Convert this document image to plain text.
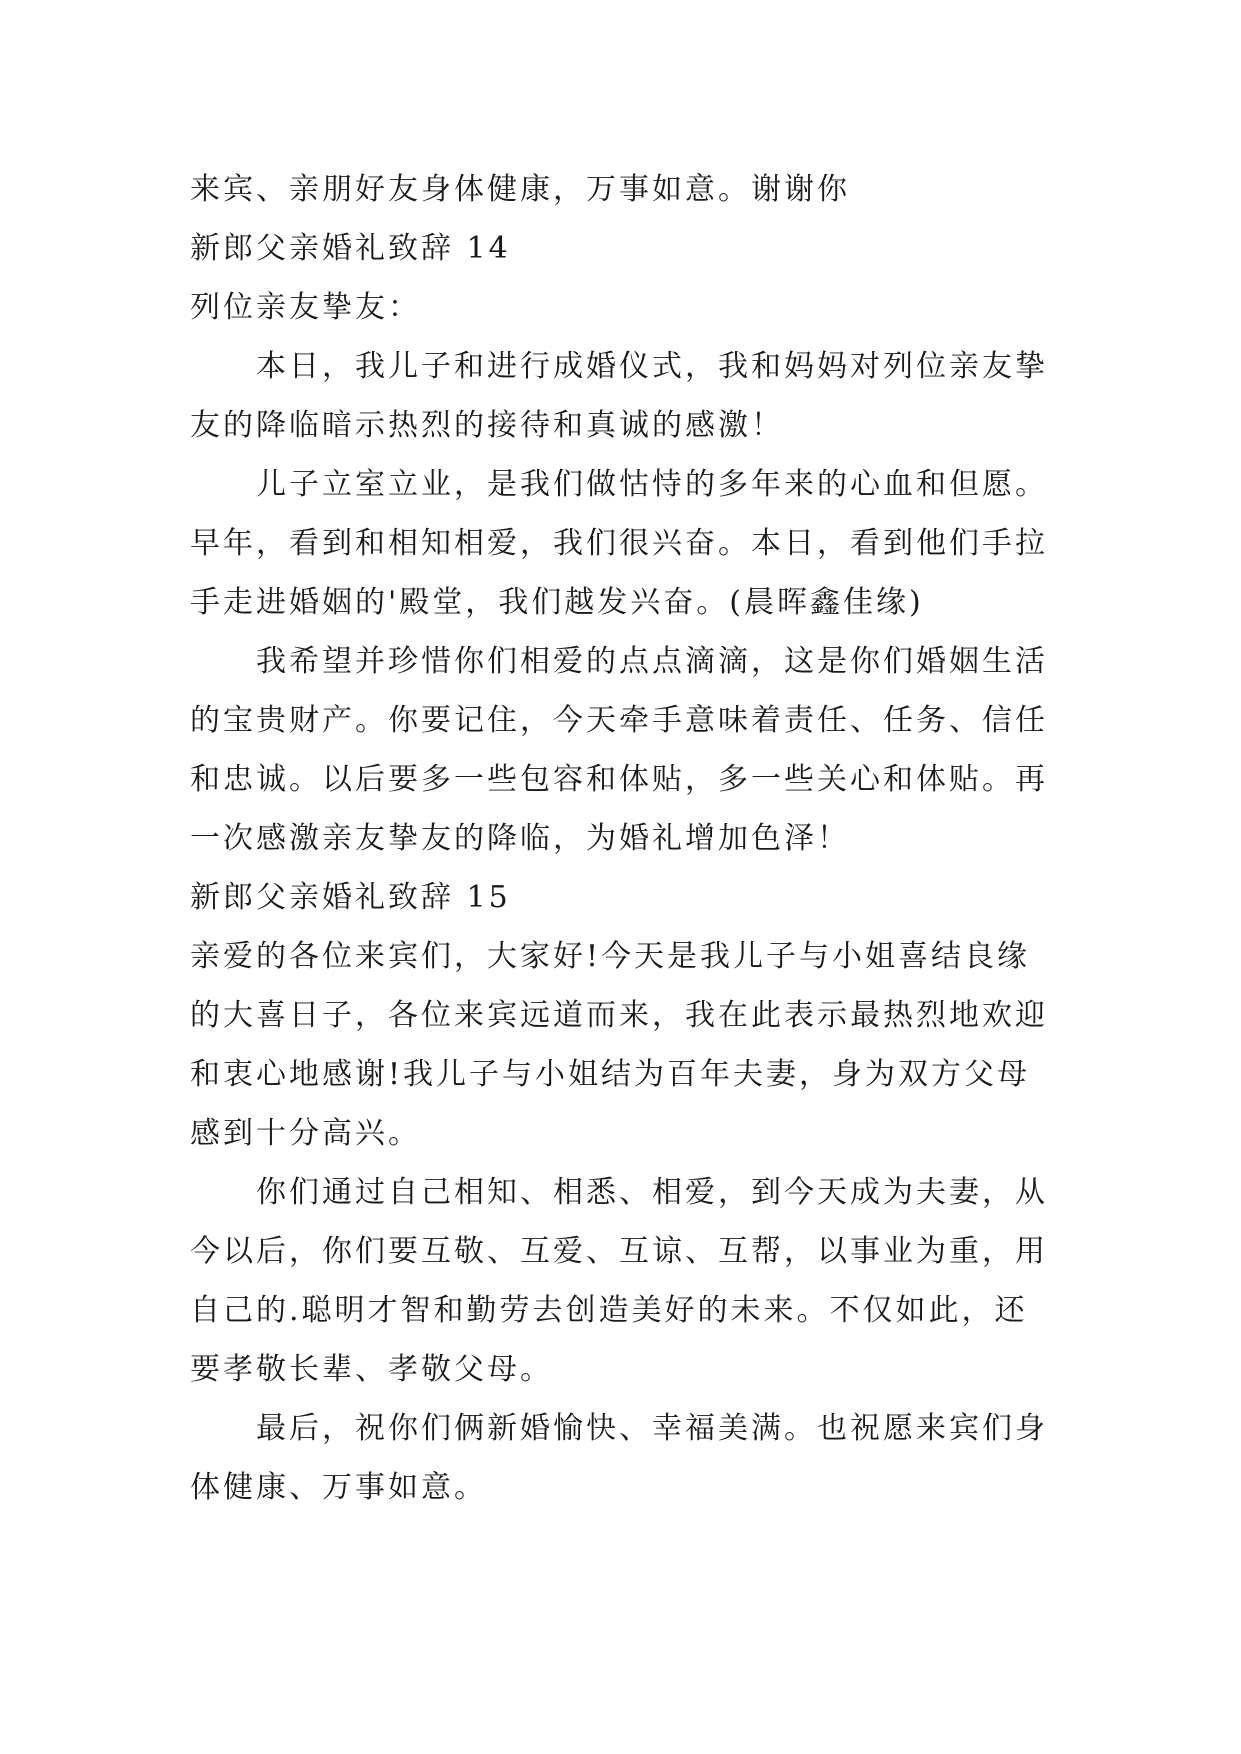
来宾、亲朋好友身体健康，万事如意。谢谢你

新郎父亲婚礼致辞 14

列位亲友挚友：

本日，我儿子和进行成婚仪式，我和妈妈对列位亲友挚

友的降临暗示热烈的接待和真诚的感激！

儿子立室立业，是我们做怙恃的多年来的心血和但愿。

早年，看到和相知相爱，我们很兴奋。本日，看到他们手拉

手走进婚姻的'殿堂，我们越发兴奋。(晨晖鑫佳缘)

我希望并珍惜你们相爱的点点滴滴，这是你们婚姻生活

的宝贵财产。你要记住，今天牵手意味着责任、任务、信任

和忠诚。以后要多一些包容和体贴，多一些关心和体贴。再

一次感激亲友挚友的降临，为婚礼增加色泽！

新郎父亲婚礼致辞 15

亲爱的各位来宾们，大家好!今天是我儿子与小姐喜结良缘

的大喜日子，各位来宾远道而来，我在此表示最热烈地欢迎

和衷心地感谢!我儿子与小姐结为百年夫妻，身为双方父母

感到十分高兴。

你们通过自己相知、相悉、相爱，到今天成为夫妻，从

今以后，你们要互敬、互爱、互谅、互帮，以事业为重，用

自己的.聪明才智和勤劳去创造美好的未来。不仅如此，还

要孝敬长辈、孝敬父母。

最后，祝你们俩新婚愉快、幸福美满。也祝愿来宾们身

体健康、万事如意。
